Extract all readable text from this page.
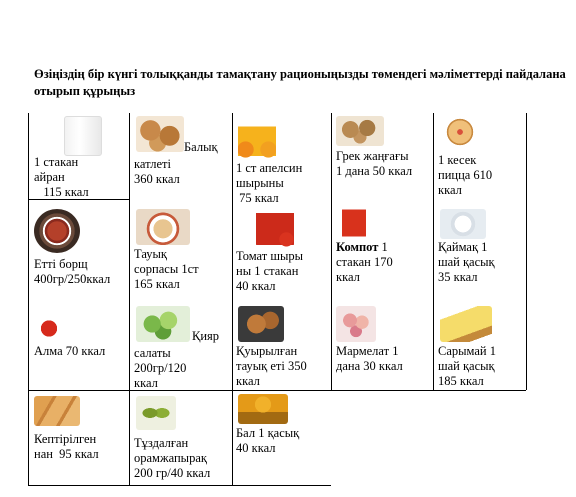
Өзіңіздің бір күнгі толыққанды тамақтану рационыңызды төмендегі мәліметтерді пайдалана отырып құрыңыз
1 стакан
айран
115 ккал
Балық
катлеті
360 ккал
1 ст апелсин
шырыны
75 ккал
Грек жаңғағы
1 дана 50 ккал
1 кесек
пицца 610
ккал
Етті борщ
400гр/250ккал
Тауық
сорпасы 1ст
165 ккал
Томат шыры
ны 1 стакан
40 ккал
Компот 1
стакан 170
ккал
Қаймақ 1
шай қасық
35 ккал
Алма 70 ккал
Қияр
салаты
200гр/120
ккал
Қуырылған
тауық еті 350
ккал
Мармелат 1
дана 30 ккал
Сарымай 1
шай қасық
185 ккал
Кептірілген
нан  95 ккал
Тұздалған
орамжапырақ
200 гр/40 ккал
Бал 1 қасық
40 ккал
